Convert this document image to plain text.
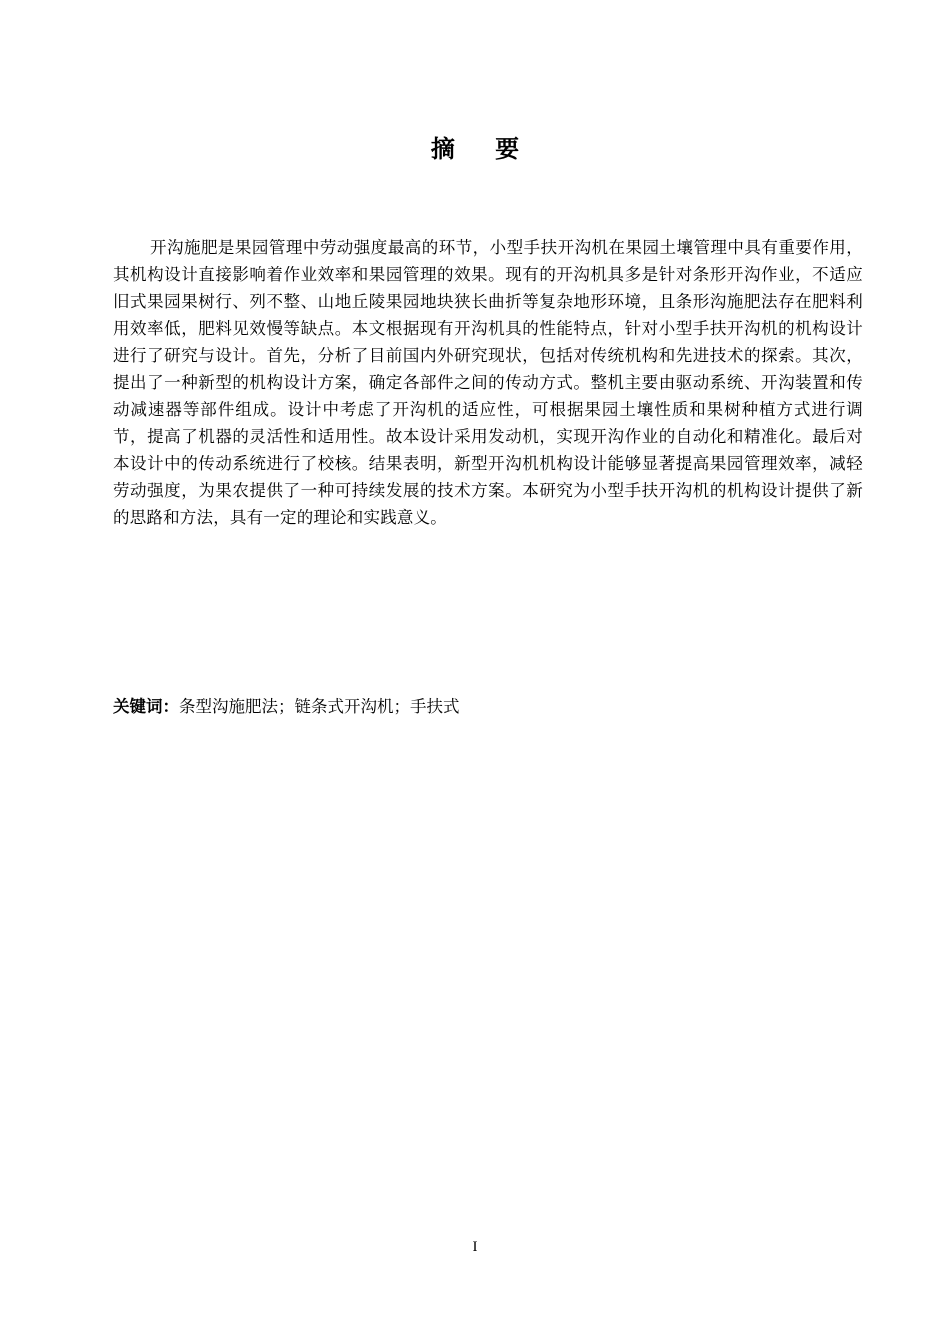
摘 要

开沟施肥是果园管理中劳动强度最高的环节，小型手扶开沟机在果园土壤管理中具有重要作用，其机构设计直接影响着作业效率和果园管理的效果。现有的开沟机具多是针对条形开沟作业，不适应旧式果园果树行、列不整、山地丘陵果园地块狭长曲折等复杂地形环境，且条形沟施肥法存在肥料利用效率低，肥料见效慢等缺点。本文根据现有开沟机具的性能特点，针对小型手扶开沟机的机构设计进行了研究与设计。首先，分析了目前国内外研究现状，包括对传统机构和先进技术的探索。其次，提出了一种新型的机构设计方案，确定各部件之间的传动方式。整机主要由驱动系统、开沟装置和传动减速器等部件组成。设计中考虑了开沟机的适应性，可根据果园土壤性质和果树种植方式进行调节，提高了机器的灵活性和适用性。故本设计采用发动机，实现开沟作业的自动化和精准化。最后对本设计中的传动系统进行了校核。结果表明，新型开沟机机构设计能够显著提高果园管理效率，减轻劳动强度，为果农提供了一种可持续发展的技术方案。本研究为小型手扶开沟机的机构设计提供了新的思路和方法，具有一定的理论和实践意义。

关键词：条型沟施肥法；链条式开沟机；手扶式
I
